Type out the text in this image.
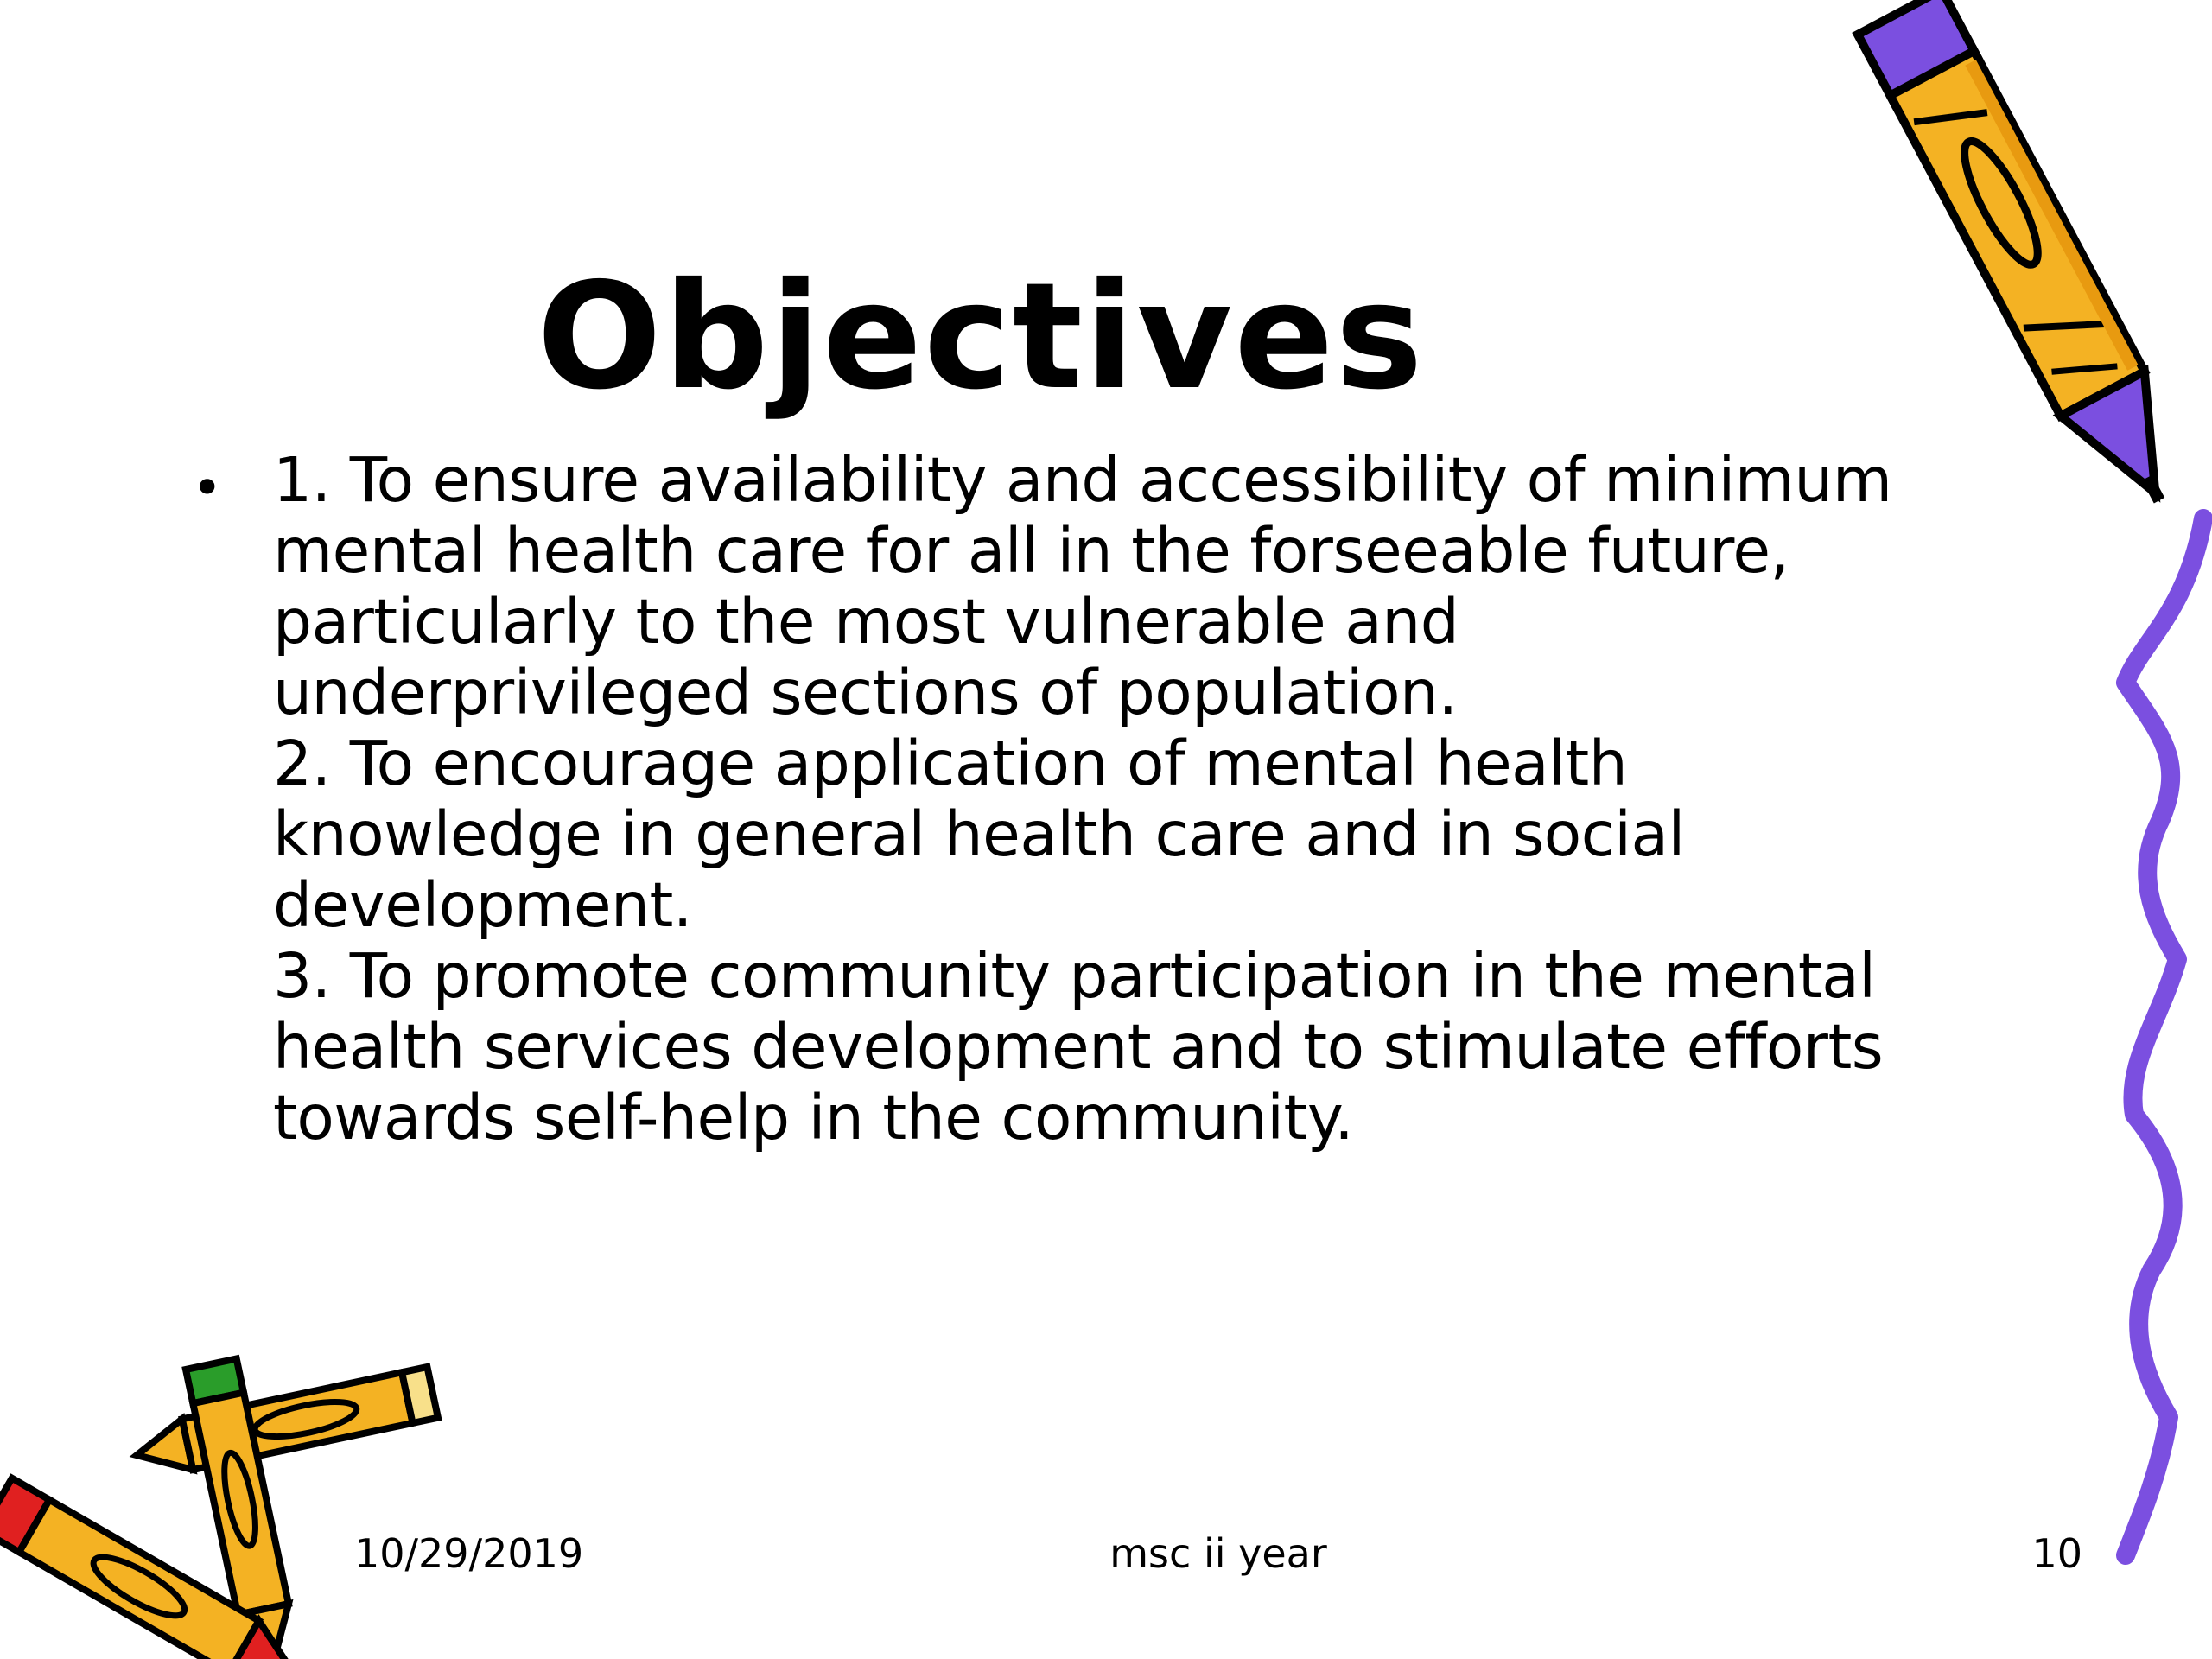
Objectives
• 1. To ensure availability and accessibility of minimum mental health care for all in the forseeable future, particularly to the most vulnerable and underprivileged sections of population.

2. To encourage application of mental health knowledge in general health care and in social development.

3. To promote community participation in the mental health services development and to stimulate efforts towards self-help in the community.

10/29/2019	msc ii year	10
